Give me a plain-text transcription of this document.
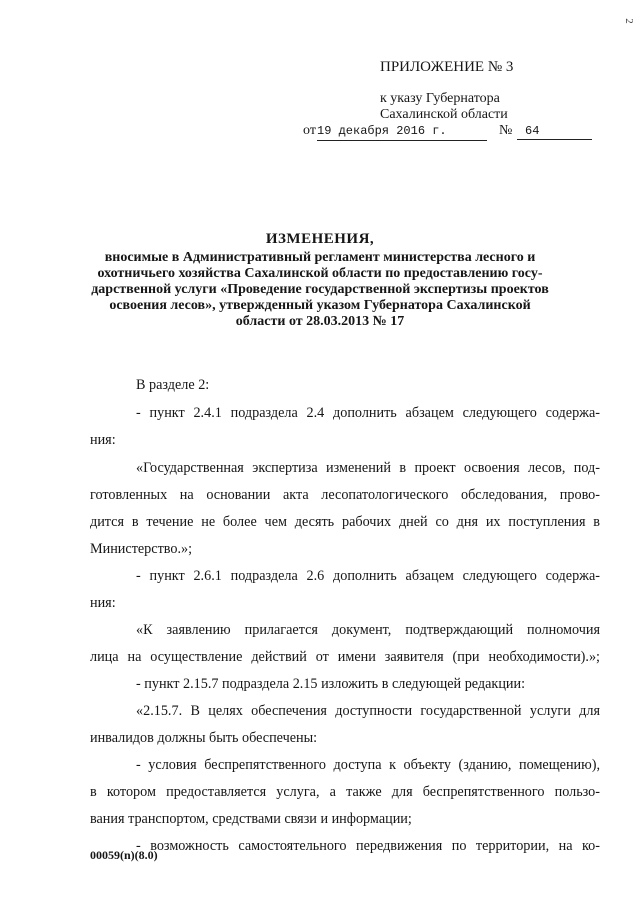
2
ПРИЛОЖЕНИЕ № 3
к указу Губернатора
Сахалинской области
от 19 декабря 2016 г.	№	64
ИЗМЕНЕНИЯ,
вносимые в Административный регламент министерства лесного и
охотничьего хозяйства Сахалинской области по предоставлению госу-
дарственной услуги «Проведение государственной экспертизы проектов
освоения лесов», утвержденный указом Губернатора Сахалинской
области от 28.03.2013 № 17
В разделе 2:
- пункт 2.4.1 подраздела 2.4 дополнить абзацем следующего содержа-
ния:
«Государственная экспертиза изменений в проект освоения лесов, под-
готовленных на основании акта лесопатологического обследования, прово-
дится в течение не более чем десять рабочих дней со дня их поступления в
Министерство.»;
- пункт 2.6.1 подраздела 2.6 дополнить абзацем следующего содержа-
ния:
«К заявлению прилагается документ, подтверждающий полномочия
лица на осуществление действий от имени заявителя (при необходимости).»;
- пункт 2.15.7 подраздела 2.15 изложить в следующей редакции:
«2.15.7. В целях обеспечения доступности государственной услуги для
инвалидов должны быть обеспечены:
- условия беспрепятственного доступа к объекту (зданию, помещению),
в котором предоставляется услуга, а также для беспрепятственного пользо-
вания транспортом, средствами связи и информации;
- возможность самостоятельного передвижения по территории, на ко-
00059(n)(8.0)
